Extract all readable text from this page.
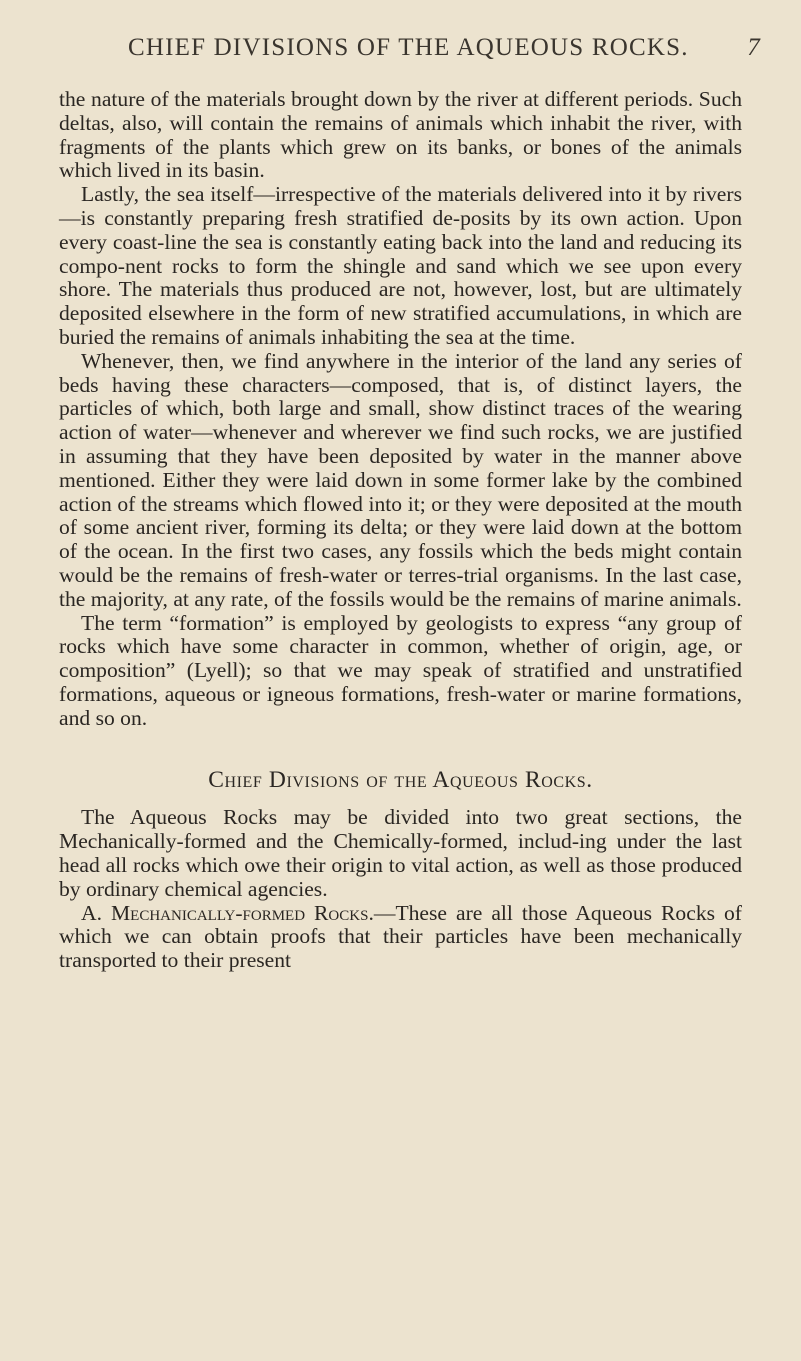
CHIEF DIVISIONS OF THE AQUEOUS ROCKS. 7

the nature of the materials brought down by the river at different periods. Such deltas, also, will contain the remains of animals which inhabit the river, with fragments of the plants which grew on its banks, or bones of the animals which lived in its basin.

Lastly, the sea itself—irrespective of the materials delivered into it by rivers—is constantly preparing fresh stratified de-posits by its own action. Upon every coast-line the sea is constantly eating back into the land and reducing its compo-nent rocks to form the shingle and sand which we see upon every shore. The materials thus produced are not, however, lost, but are ultimately deposited elsewhere in the form of new stratified accumulations, in which are buried the remains of animals inhabiting the sea at the time.

Whenever, then, we find anywhere in the interior of the land any series of beds having these characters—composed, that is, of distinct layers, the particles of which, both large and small, show distinct traces of the wearing action of water—whenever and wherever we find such rocks, we are justified in assuming that they have been deposited by water in the manner above mentioned. Either they were laid down in some former lake by the combined action of the streams which flowed into it; or they were deposited at the mouth of some ancient river, forming its delta; or they were laid down at the bottom of the ocean. In the first two cases, any fossils which the beds might contain would be the remains of fresh-water or terres-trial organisms. In the last case, the majority, at any rate, of the fossils would be the remains of marine animals.

The term “formation” is employed by geologists to express “any group of rocks which have some character in common, whether of origin, age, or composition” (Lyell); so that we may speak of stratified and unstratified formations, aqueous or igneous formations, fresh-water or marine formations, and so on.

Chief Divisions of the Aqueous Rocks.

The Aqueous Rocks may be divided into two great sections, the Mechanically-formed and the Chemically-formed, includ-ing under the last head all rocks which owe their origin to vital action, as well as those produced by ordinary chemical agencies.

A. Mechanically-formed Rocks.—These are all those Aqueous Rocks of which we can obtain proofs that their particles have been mechanically transported to their present
